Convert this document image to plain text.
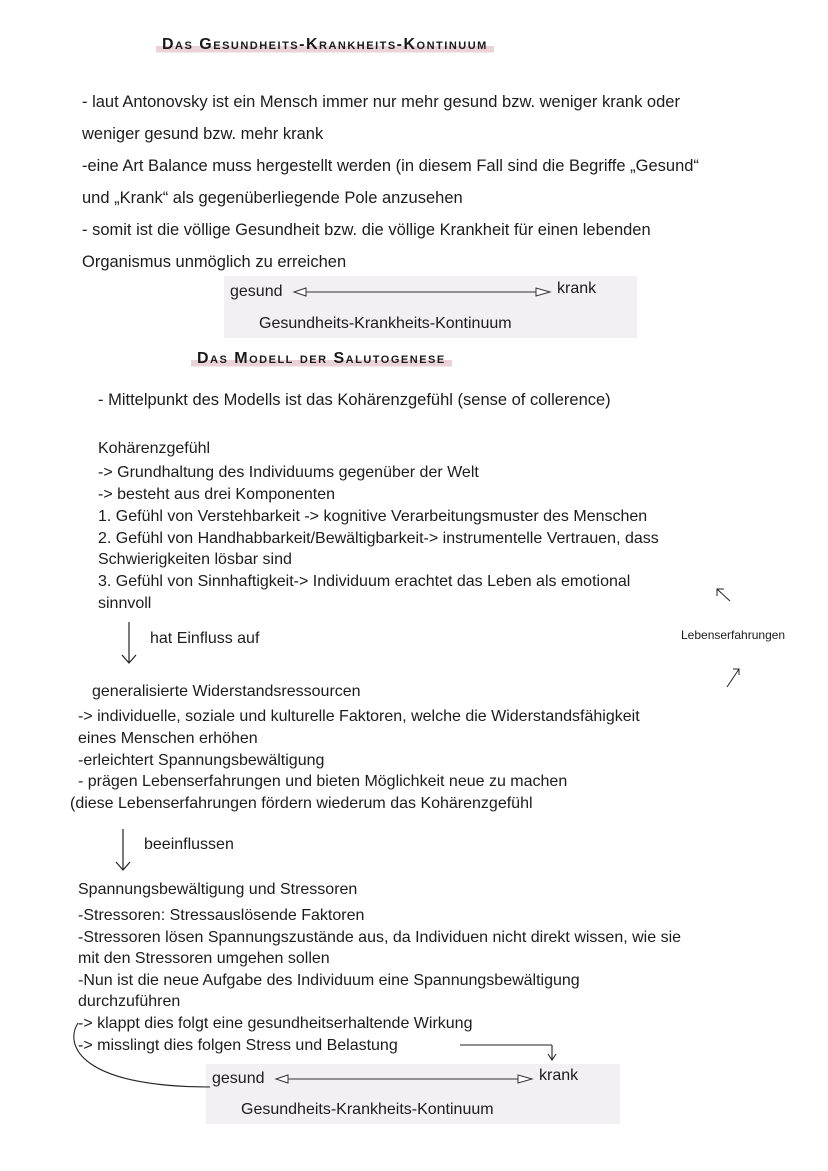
Das Gesundheits-Krankheits-Kontinuum
- laut Antonovsky ist ein Mensch immer nur mehr gesund bzw. weniger krank oder
weniger gesund bzw. mehr krank
-eine Art Balance muss hergestellt werden (in diesem Fall sind die Begriffe „Gesund“
und „Krank“ als gegenüberliegende Pole anzusehen
- somit ist die völlige Gesundheit bzw. die völlige Krankheit für einen lebenden
Organismus unmöglich zu erreichen
gesund	krank
Gesundheits-Krankheits-Kontinuum
Das Modell der Salutogenese
- Mittelpunkt des Modells ist das Kohärenzgefühl (sense of collerence)
Kohärenzgefühl
-> Grundhaltung des Individuums gegenüber der Welt
-> besteht aus drei Komponenten
1. Gefühl von Verstehbarkeit -> kognitive Verarbeitungsmuster des Menschen
2. Gefühl von Handhabbarkeit/Bewältigbarkeit-> instrumentelle Vertrauen, dass
Schwierigkeiten lösbar sind
3. Gefühl von Sinnhaftigkeit-> Individuum erachtet das Leben als emotional
sinnvoll
hat Einfluss auf	Lebenserfahrungen
generalisierte Widerstandsressourcen
-> individuelle, soziale und kulturelle Faktoren, welche die Widerstandsfähigkeit
eines Menschen erhöhen
-erleichtert Spannungsbewältigung
- prägen Lebenserfahrungen und bieten Möglichkeit neue zu machen
(diese Lebenserfahrungen fördern wiederum das Kohärenzgefühl
beeinflussen
Spannungsbewältigung und Stressoren
-Stressoren: Stressauslösende Faktoren
-Stressoren lösen Spannungszustände aus, da Individuen nicht direkt wissen, wie sie
mit den Stressoren umgehen sollen
-Nun ist die neue Aufgabe des Individuum eine Spannungsbewältigung
durchzuführen
-> klappt dies folgt eine gesundheitserhaltende Wirkung
-> misslingt dies folgen Stress und Belastung
gesund	krank
Gesundheits-Krankheits-Kontinuum
